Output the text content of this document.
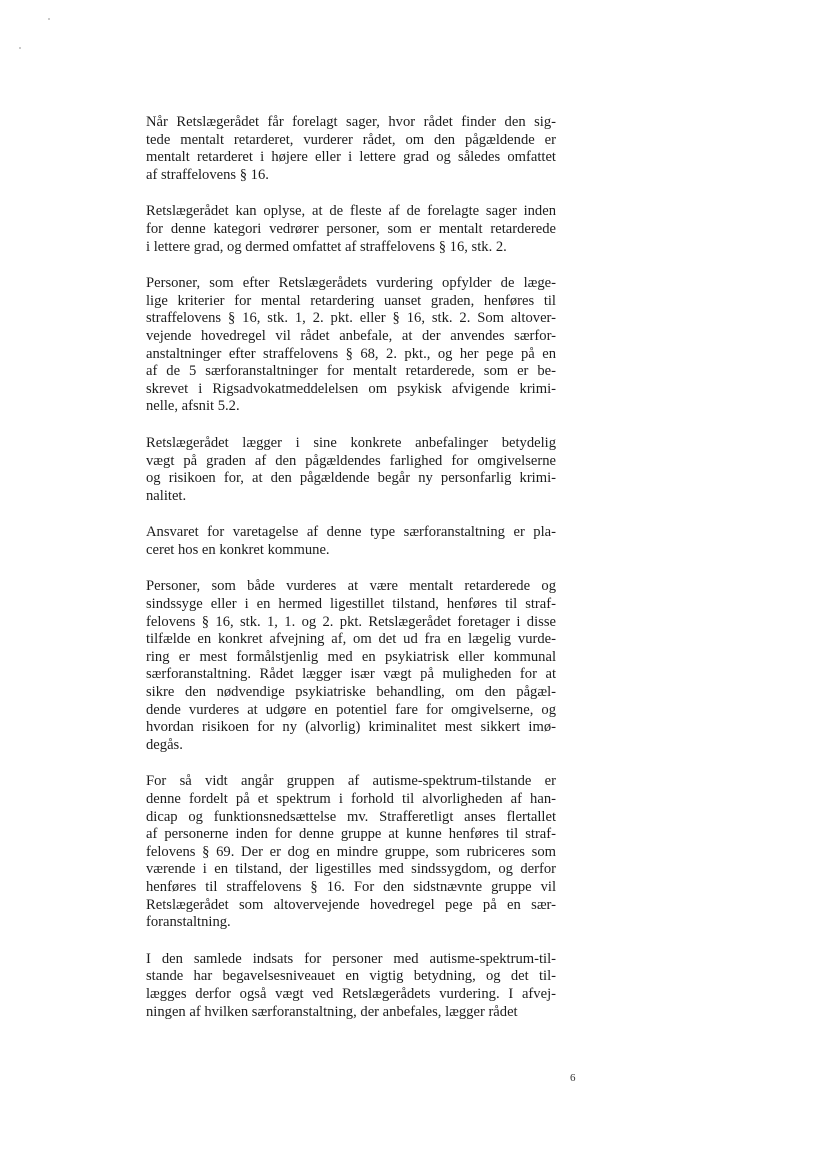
Når Retslægerådet får forelagt sager, hvor rådet finder den sig-
tede mentalt retarderet, vurderer rådet, om den pågældende er
mentalt retarderet i højere eller i lettere grad og således omfattet
af straffelovens § 16.

Retslægerådet kan oplyse, at de fleste af de forelagte sager inden
for denne kategori vedrører personer, som er mentalt retarderede
i lettere grad, og dermed omfattet af straffelovens § 16, stk. 2.

Personer, som efter Retslægerådets vurdering opfylder de læge-
lige kriterier for mental retardering uanset graden, henføres til
straffelovens § 16, stk. 1, 2. pkt. eller § 16, stk. 2. Som altover-
vejende hovedregel vil rådet anbefale, at der anvendes særfor-
anstaltninger efter straffelovens § 68, 2. pkt., og her pege på en
af de 5 særforanstaltninger for mentalt retarderede, som er be-
skrevet i Rigsadvokatmeddelelsen om psykisk afvigende krimi-
nelle, afsnit 5.2.

Retslægerådet lægger i sine konkrete anbefalinger betydelig
vægt på graden af den pågældendes farlighed for omgivelserne
og risikoen for, at den pågældende begår ny personfarlig krimi-
nalitet.

Ansvaret for varetagelse af denne type særforanstaltning er pla-
ceret hos en konkret kommune.

Personer, som både vurderes at være mentalt retarderede og
sindssyge eller i en hermed ligestillet tilstand, henføres til straf-
felovens § 16, stk. 1, 1. og 2. pkt. Retslægerådet foretager i disse
tilfælde en konkret afvejning af, om det ud fra en lægelig vurde-
ring er mest formålstjenlig med en psykiatrisk eller kommunal
særforanstaltning. Rådet lægger især vægt på muligheden for at
sikre den nødvendige psykiatriske behandling, om den pågæl-
dende vurderes at udgøre en potentiel fare for omgivelserne, og
hvordan risikoen for ny (alvorlig) kriminalitet mest sikkert imø-
degås.

For så vidt angår gruppen af autisme-spektrum-tilstande er
denne fordelt på et spektrum i forhold til alvorligheden af han-
dicap og funktionsnedsættelse mv. Strafferetligt anses flertallet
af personerne inden for denne gruppe at kunne henføres til straf-
felovens § 69. Der er dog en mindre gruppe, som rubriceres som
værende i en tilstand, der ligestilles med sindssygdom, og derfor
henføres til straffelovens § 16. For den sidstnævnte gruppe vil
Retslægerådet som altovervejende hovedregel pege på en sær-
foranstaltning.

I den samlede indsats for personer med autisme-spektrum-til-
stande har begavelsesniveauet en vigtig betydning, og det til-
lægges derfor også vægt ved Retslægerådets vurdering. I afvej-
ningen af hvilken særforanstaltning, der anbefales, lægger rådet

6
